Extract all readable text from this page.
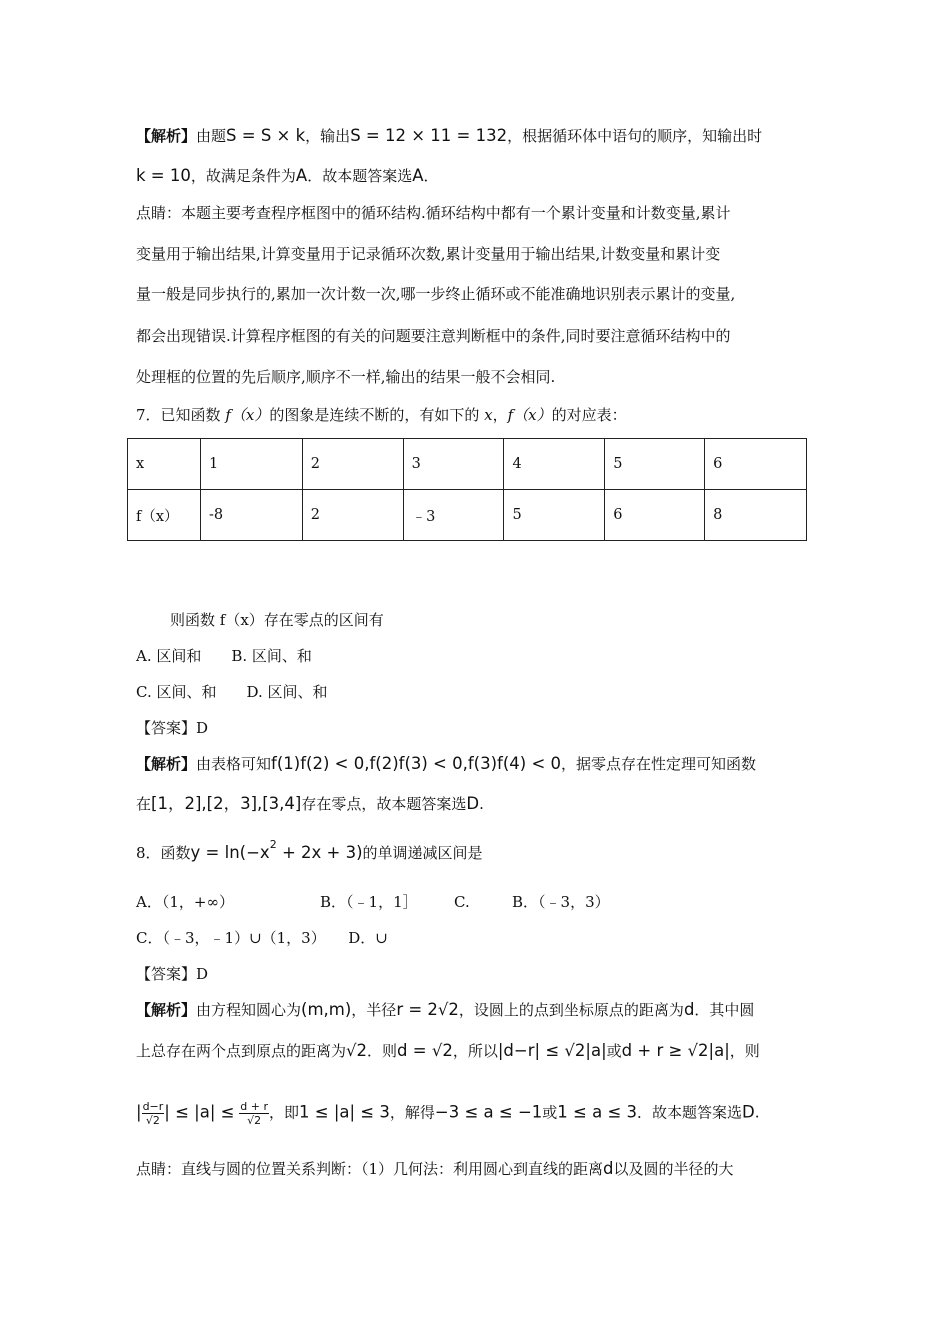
【解析】由题S = S × k，输出S = 12 × 11 = 132，根据循环体中语句的顺序，知输出时
k = 10，故满足条件为A．故本题答案选A．
点睛：本题主要考查程序框图中的循环结构.循环结构中都有一个累计变量和计数变量,累计
变量用于输出结果,计算变量用于记录循环次数,累计变量用于输出结果,计数变量和累计变
量一般是同步执行的,累加一次计数一次,哪一步终止循环或不能准确地识别表示累计的变量,
都会出现错误.计算程序框图的有关的问题要注意判断框中的条件,同时要注意循环结构中的
处理框的位置的先后顺序,顺序不一样,输出的结果一般不会相同.
7．已知函数 f（x）的图象是连续不断的，有如下的 x，f（x）的对应表：
x	1	2	3	4	5	6
f（x）	-8	2	﹣3	5	6	8
则函数 f（x）存在零点的区间有
A. 区间和　　B. 区间、和
C. 区间、和　　D. 区间、和
【答案】D
【解析】由表格可知f(1)f(2) < 0,f(2)f(3) < 0,f(3)f(4) < 0，据零点存在性定理可知函数
在[1，2],[2，3],[3,4]存在零点，故本题答案选D.
8．函数$y = \ln(-x^2 + 2x + 3)$的单调递减区间是
A．（1，+∞）	B．（﹣1，1］ C.	B．（﹣3，3）
C．（﹣3，﹣1）∪（1，3）　　D．∪
【答案】D
【解析】由方程知圆心为(m,m)，半径r = 2√2，设圆上的点到坐标原点的距离为d．其中圆
上总存在两个点到原点的距离为√2．则d = √2，所以|d−r| ≤ √2|a|或d + r ≥ √2|a|，则
| $\frac{d-r}{√2}$ | ≤ $|a| \le \frac{d + r}{√2}$ ，即1 ≤ |a| ≤ 3，解得−3 ≤ a ≤ −1或1 ≤ a ≤ 3．故本题答案选D.
点睛：直线与圆的位置关系判断：（1）几何法：利用圆心到直线的距离d以及圆的半径的大
